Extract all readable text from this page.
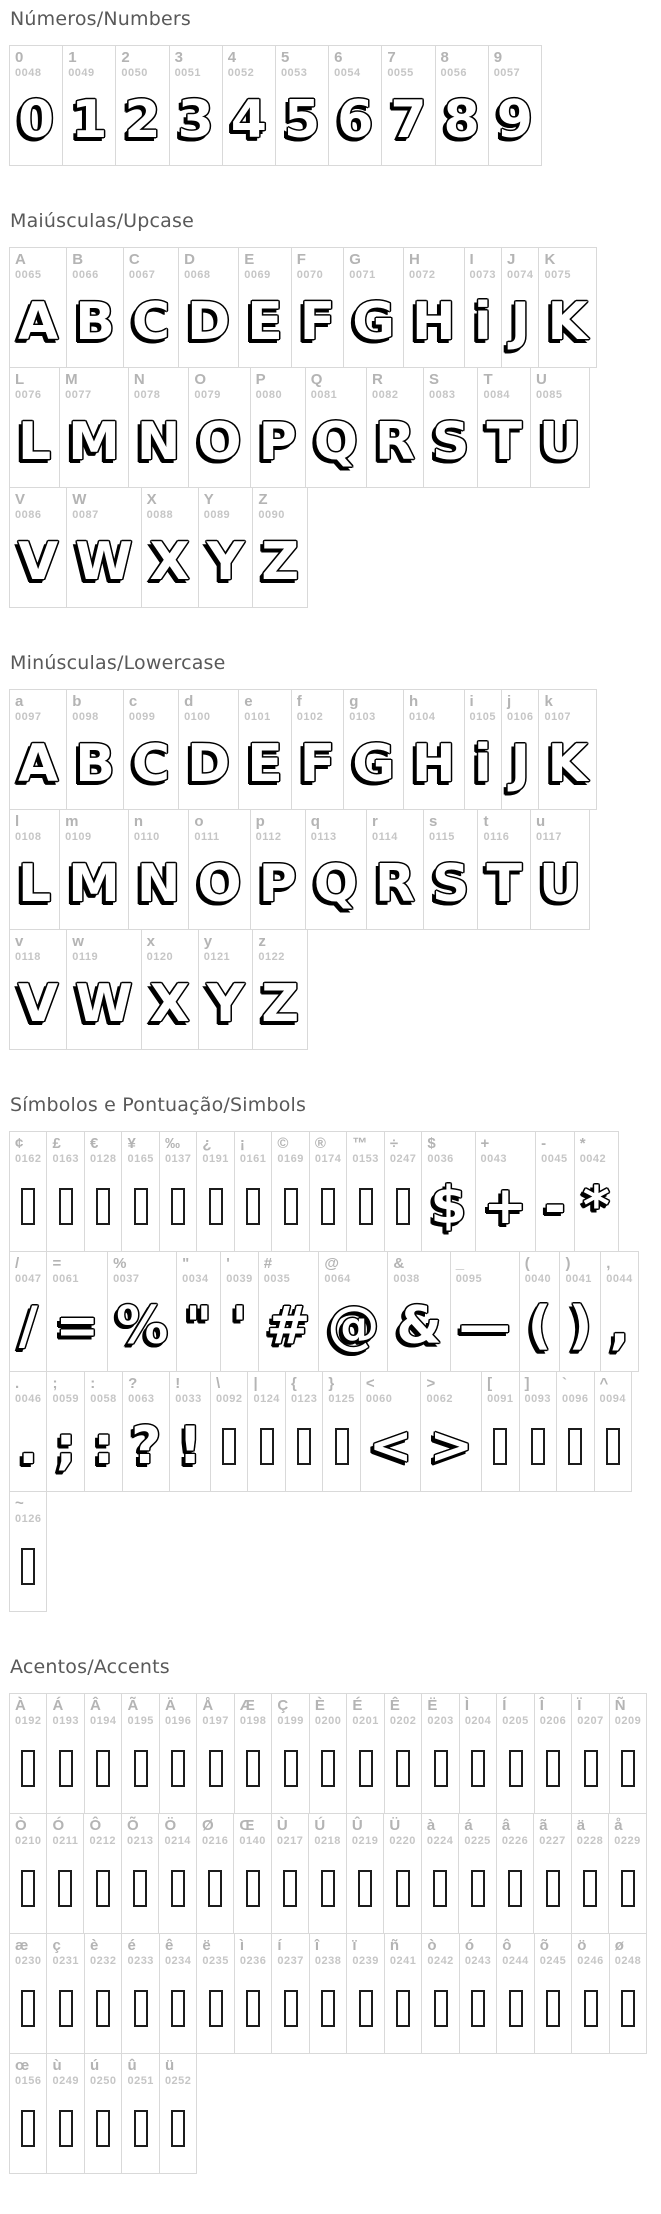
Números/Numbers
0
0048
0
1
0049
1
2
0050
2
3
0051
3
4
0052
4
5
0053
5
6
0054
6
7
0055
7
8
0056
8
9
0057
9
Maiúsculas/Upcase
A
0065
A
B
0066
B
C
0067
C
D
0068
D
E
0069
E
F
0070
F
G
0071
G
H
0072
H
I
0073
i
J
0074
J
K
0075
K
L
0076
L
M
0077
M
N
0078
N
O
0079
O
P
0080
P
Q
0081
Q
R
0082
R
S
0083
S
T
0084
T
U
0085
U
V
0086
V
W
0087
W
X
0088
X
Y
0089
Y
Z
0090
Z
Minúsculas/Lowercase
a
0097
A
b
0098
B
c
0099
C
d
0100
D
e
0101
E
f
0102
F
g
0103
G
h
0104
H
i
0105
i
j
0106
J
k
0107
K
l
0108
L
m
0109
M
n
0110
N
o
0111
O
p
0112
P
q
0113
Q
r
0114
R
s
0115
S
t
0116
T
u
0117
U
v
0118
V
w
0119
W
x
0120
X
y
0121
Y
z
0122
Z
Símbolos e Pontuação/Simbols
¢
0162
£
0163
€
0128
¥
0165
‰
0137
¿
0191
¡
0161
©
0169
®
0174
™
0153
÷
0247
$
0036
$
+
0043
+
-
0045
-
*
0042
*
/
0047
/
=
0061
=
%
0037
%
"
0034
"
'
0039
'
#
0035
#
@
0064
@
&
0038
&
_
0095
—
(
0040
(
)
0041
)
,
0044
,
.
0046
.
;
0059
;
:
0058
:
?
0063
?
!
0033
!
\
0092
|
0124
{
0123
}
0125
<
0060
<
>
0062
>
[
0091
]
0093
`
0096
^
0094
~
0126
Acentos/Accents
À
0192
Á
0193
Â
0194
Ã
0195
Ä
0196
Å
0197
Æ
0198
Ç
0199
È
0200
É
0201
Ê
0202
Ë
0203
Ì
0204
Í
0205
Î
0206
Ï
0207
Ñ
0209
Ò
0210
Ó
0211
Ô
0212
Õ
0213
Ö
0214
Ø
0216
Œ
0140
Ù
0217
Ú
0218
Û
0219
Ü
0220
à
0224
á
0225
â
0226
ã
0227
ä
0228
å
0229
æ
0230
ç
0231
è
0232
é
0233
ê
0234
ë
0235
ì
0236
í
0237
î
0238
ï
0239
ñ
0241
ò
0242
ó
0243
ô
0244
õ
0245
ö
0246
ø
0248
œ
0156
ù
0249
ú
0250
û
0251
ü
0252
